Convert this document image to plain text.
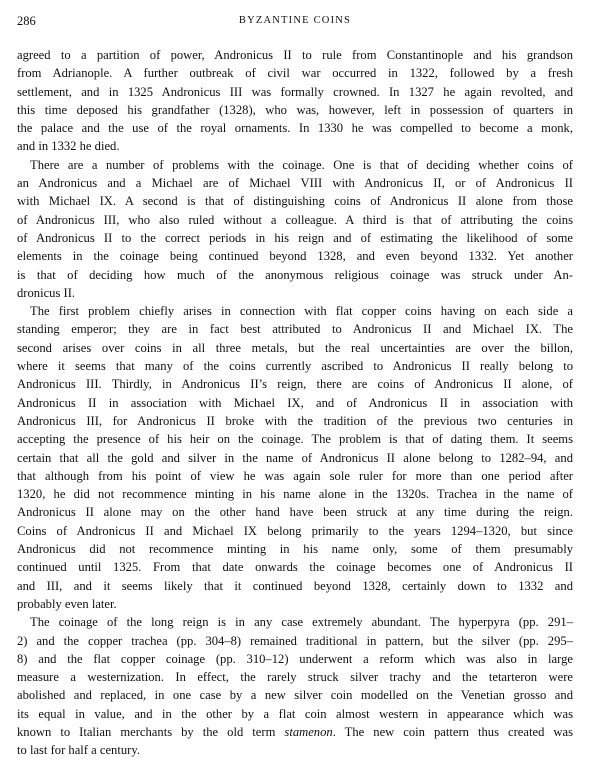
286	BYZANTINE COINS
agreed to a partition of power, Andronicus II to rule from Constantinople and his grandson
from Adrianople. A further outbreak of civil war occurred in 1322, followed by a fresh
settlement, and in 1325 Andronicus III was formally crowned. In 1327 he again revolted, and
this time deposed his grandfather (1328), who was, however, left in possession of quarters in
the palace and the use of the royal ornaments. In 1330 he was compelled to become a monk,
and in 1332 he died.
There are a number of problems with the coinage. One is that of deciding whether coins of
an Andronicus and a Michael are of Michael VIII with Andronicus II, or of Andronicus II
with Michael IX. A second is that of distinguishing coins of Andronicus II alone from those
of Andronicus III, who also ruled without a colleague. A third is that of attributing the coins
of Andronicus II to the correct periods in his reign and of estimating the likelihood of some
elements in the coinage being continued beyond 1328, and even beyond 1332. Yet another
is that of deciding how much of the anonymous religious coinage was struck under An-
dronicus II.
The first problem chiefly arises in connection with flat copper coins having on each side a
standing emperor; they are in fact best attributed to Andronicus II and Michael IX. The
second arises over coins in all three metals, but the real uncertainties are over the billon,
where it seems that many of the coins currently ascribed to Andronicus II really belong to
Andronicus III. Thirdly, in Andronicus II’s reign, there are coins of Andronicus II alone, of
Andronicus II in association with Michael IX, and of Andronicus II in association with
Andronicus III, for Andronicus II broke with the tradition of the previous two centuries in
accepting the presence of his heir on the coinage. The problem is that of dating them. It seems
certain that all the gold and silver in the name of Andronicus II alone belong to 1282–94, and
that although from his point of view he was again sole ruler for more than one period after
1320, he did not recommence minting in his name alone in the 1320s. Trachea in the name of
Andronicus II alone may on the other hand have been struck at any time during the reign.
Coins of Andronicus II and Michael IX belong primarily to the years 1294–1320, but since
Andronicus did not recommence minting in his name only, some of them presumably
continued until 1325. From that date onwards the coinage becomes one of Andronicus II
and III, and it seems likely that it continued beyond 1328, certainly down to 1332 and
probably even later.
The coinage of the long reign is in any case extremely abundant. The hyperpyra (pp. 291–
2) and the copper trachea (pp. 304–8) remained traditional in pattern, but the silver (pp. 295–
8) and the flat copper coinage (pp. 310–12) underwent a reform which was also in large
measure a westernization. In effect, the rarely struck silver trachy and the tetarteron were
abolished and replaced, in one case by a new silver coin modelled on the Venetian grosso and
its equal in value, and in the other by a flat coin almost western in appearance which was
known to Italian merchants by the old term stamenon. The new coin pattern thus created was
to last for half a century.
